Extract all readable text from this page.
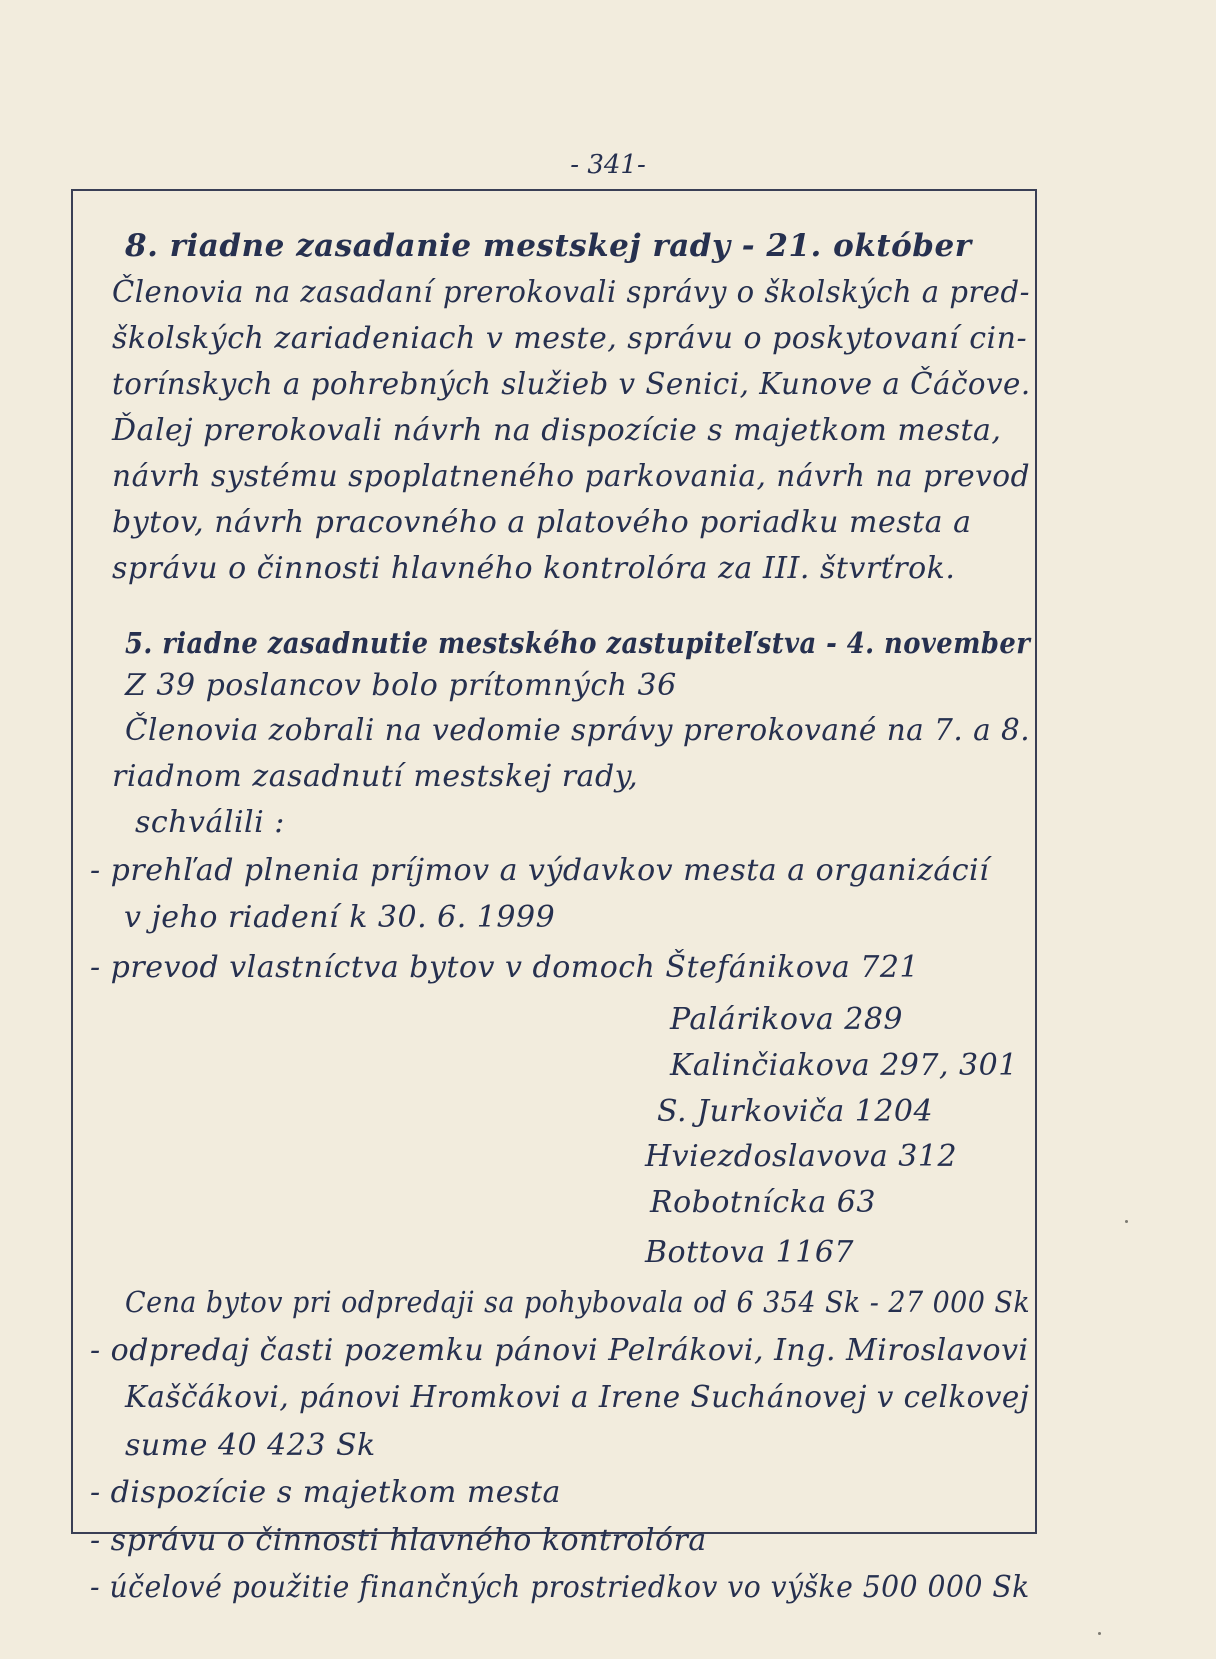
- 341-
8. riadne zasadanie mestskej rady - 21. október
Členovia na zasadaní prerokovali správy o školských a pred-
školských zariadeniach v meste, správu o poskytovaní cin-
torínskych a pohrebných služieb v Senici, Kunove a Čáčove.
Ďalej prerokovali návrh na dispozície s majetkom mesta,
návrh systému spoplatneného parkovania, návrh na prevod
bytov, návrh pracovného a platového poriadku mesta a
správu o činnosti hlavného kontrolóra za III. štvrťrok.
5. riadne zasadnutie mestského zastupiteľstva - 4. november
Z 39 poslancov bolo prítomných 36
Členovia zobrali na vedomie správy prerokované na 7. a 8.
riadnom zasadnutí mestskej rady,
schválili :
- prehľad plnenia príjmov a výdavkov mesta a organizácií
v jeho riadení k 30. 6. 1999
- prevod vlastníctva bytov v domoch Štefánikova 721
Palárikova 289
Kalinčiakova 297, 301
S. Jurkoviča 1204
Hviezdoslavova 312
Robotnícka 63
Bottova 1167
Cena bytov pri odpredaji sa pohybovala od 6 354 Sk - 27 000 Sk
- odpredaj časti pozemku pánovi Pelrákovi, Ing. Miroslavovi
Kaščákovi, pánovi Hromkovi a Irene Suchánovej v celkovej
sume 40 423 Sk
- dispozície s majetkom mesta
- správu o činnosti hlavného kontrolóra
- účelové použitie finančných prostriedkov vo výške 500 000 Sk
